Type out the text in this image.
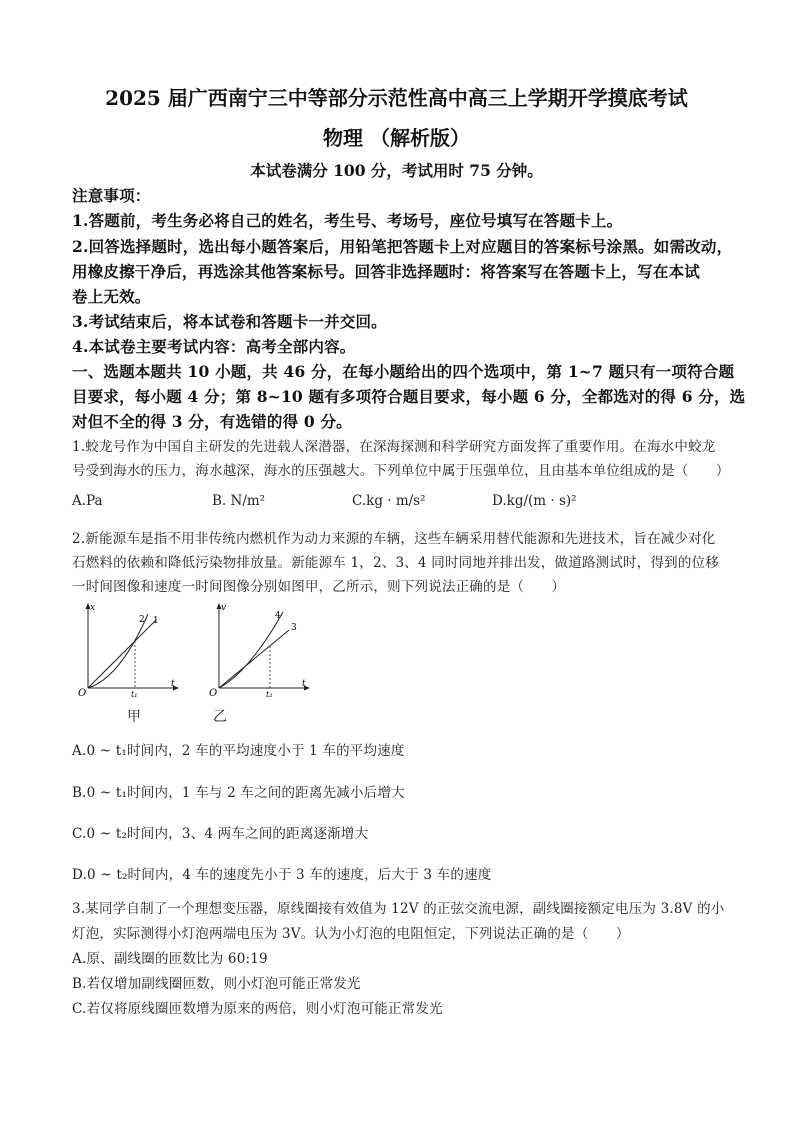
2025 届广西南宁三中等部分示范性高中高三上学期开学摸底考试
物理 （解析版）
本试卷满分 100 分，考试用时 75 分钟。
注意事项：
1.答题前，考生务必将自己的姓名，考生号、考场号，座位号填写在答题卡上。
2.回答选择题时，选出每小题答案后，用铅笔把答题卡上对应题目的答案标号涂黑。如需改动，
用橡皮擦干净后，再选涂其他答案标号。回答非选择题时：将答案写在答题卡上，写在本试
卷上无效。
3.考试结束后，将本试卷和答题卡一并交回。
4.本试卷主要考试内容：高考全部内容。
一、选题本题共 10 小题，共 46 分，在每小题给出的四个选项中，第 1~7 题只有一项符合题
目要求，每小题 4 分；第 8~10 题有多项符合题目要求，每小题 6 分，全都选对的得 6 分，选
对但不全的得 3 分，有选错的得 0 分。
1.蛟龙号作为中国自主研发的先进载人深潜器，在深海探测和科学研究方面发挥了重要作用。在海水中蛟龙
号受到海水的压力，海水越深，海水的压强越大。下列单位中属于压强单位，且由基本单位组成的是（　　）
A.Pa	B. N/m²	C.kg · m/s²	D.kg/(m · s)²
2.新能源车是指不用非传统内燃机作为动力来源的车辆，这些车辆采用替代能源和先进技术，旨在减少对化
石燃料的依赖和降低污染物排放量。新能源车 1，2、3、4 同时同地并排出发，做道路测试时，得到的位移
一时间图像和速度一时间图像分别如图甲，乙所示，则下列说法正确的是（　　）
x
t
O	t₁
2 1
甲
v
t
O	t₂
4
3
乙
A.0 ~ t₁时间内，2 车的平均速度小于 1 车的平均速度
B.0 ~ t₁时间内，1 车与 2 车之间的距离先减小后增大
C.0 ~ t₂时间内，3、4 两车之间的距离逐渐增大
D.0 ~ t₂时间内，4 车的速度先小于 3 车的速度，后大于 3 车的速度
3.某同学自制了一个理想变压器，原线圈接有效值为 12V 的正弦交流电源，副线圈接额定电压为 3.8V 的小
灯泡，实际测得小灯泡两端电压为 3V。认为小灯泡的电阻恒定，下列说法正确的是（　　）
A.原、副线圈的匝数比为 60:19
B.若仅增加副线圈匝数，则小灯泡可能正常发光
C.若仅将原线圈匝数增为原来的两倍，则小灯泡可能正常发光
